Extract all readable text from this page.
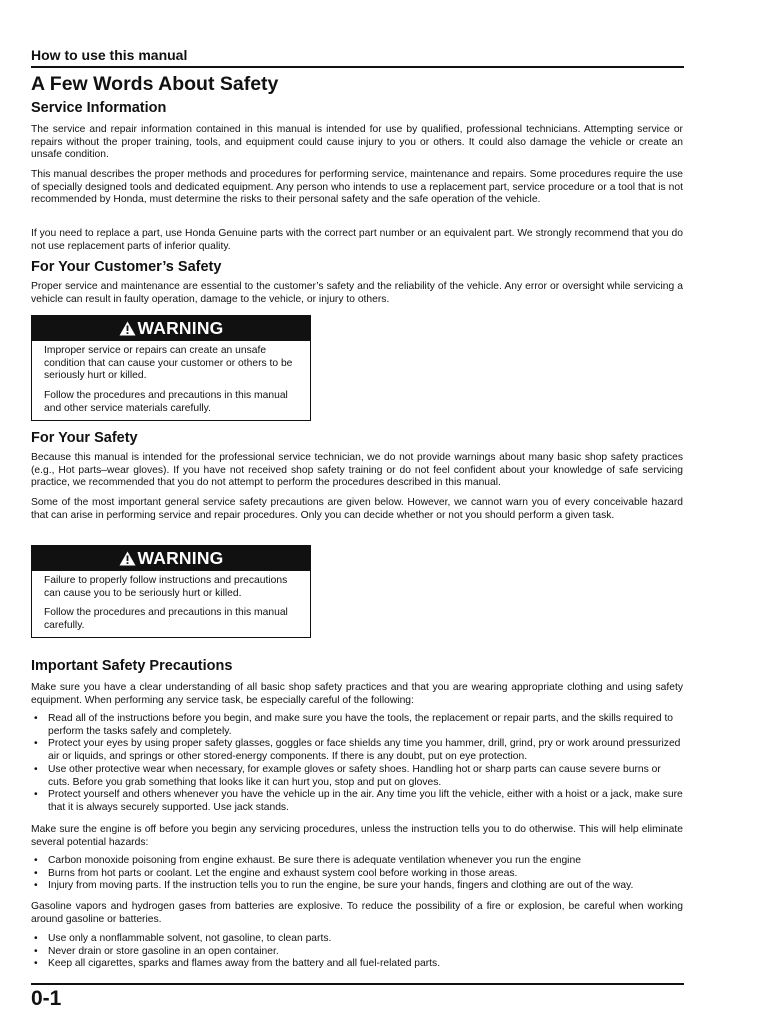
How to use this manual
A Few Words About Safety
Service Information
The service and repair information contained in this manual is intended for use by qualified, professional technicians. Attempting service or repairs without the proper training, tools, and equipment could cause injury to you or others. It could also damage the vehicle or create an unsafe condition.
This manual describes the proper methods and procedures for performing service, maintenance and repairs. Some procedures require the use of specially designed tools and dedicated equipment. Any person who intends to use a replacement part, service procedure or a tool that is not recommended by Honda, must determine the risks to their personal safety and the safe operation of the vehicle.
If you need to replace a part, use Honda Genuine parts with the correct part number or an equivalent part. We strongly recommend that you do not use replacement parts of inferior quality.
For Your Customer’s Safety
Proper service and maintenance are essential to the customer’s safety and the reliability of the vehicle. Any error or oversight while servicing a vehicle can result in faulty operation, damage to the vehicle, or injury to others.
WARNING

Improper service or repairs can create an unsafe condition that can cause your customer or others to be seriously hurt or killed.

Follow the procedures and precautions in this manual and other service materials carefully.

For Your Safety
Because this manual is intended for the professional service technician, we do not provide warnings about many basic shop safety practices (e.g., Hot parts–wear gloves). If you have not received shop safety training or do not feel confident about your knowledge of safe servicing practice, we recommended that you do not attempt to perform the procedures described in this manual.
Some of the most important general service safety precautions are given below. However, we cannot warn you of every conceivable hazard that can arise in performing service and repair procedures. Only you can decide whether or not you should perform a given task.
WARNING

Failure to properly follow instructions and precautions can cause you to be seriously hurt or killed.

Follow the procedures and precautions in this manual carefully.

Important Safety Precautions
Make sure you have a clear understanding of all basic shop safety practices and that you are wearing appropriate clothing and using safety equipment. When performing any service task, be especially careful of the following:
• Read all of the instructions before you begin, and make sure you have the tools, the replacement or repair parts, and the skills required to perform the tasks safely and completely.
• Protect your eyes by using proper safety glasses, goggles or face shields any time you hammer, drill, grind, pry or work around pressurized air or liquids, and springs or other stored-energy components. If there is any doubt, put on eye protection.
• Use other protective wear when necessary, for example gloves or safety shoes. Handling hot or sharp parts can cause severe burns or cuts. Before you grab something that looks like it can hurt you, stop and put on gloves.
• Protect yourself and others whenever you have the vehicle up in the air. Any time you lift the vehicle, either with a hoist or a jack, make sure that it is always securely supported. Use jack stands.
Make sure the engine is off before you begin any servicing procedures, unless the instruction tells you to do otherwise. This will help eliminate several potential hazards:
• Carbon monoxide poisoning from engine exhaust. Be sure there is adequate ventilation whenever you run the engine
• Burns from hot parts or coolant. Let the engine and exhaust system cool before working in those areas.
• Injury from moving parts. If the instruction tells you to run the engine, be sure your hands, fingers and clothing are out of the way.
Gasoline vapors and hydrogen gases from batteries are explosive. To reduce the possibility of a fire or explosion, be careful when working around gasoline or batteries.
• Use only a nonflammable solvent, not gasoline, to clean parts.
• Never drain or store gasoline in an open container.
• Keep all cigarettes, sparks and flames away from the battery and all fuel-related parts.
0-1
